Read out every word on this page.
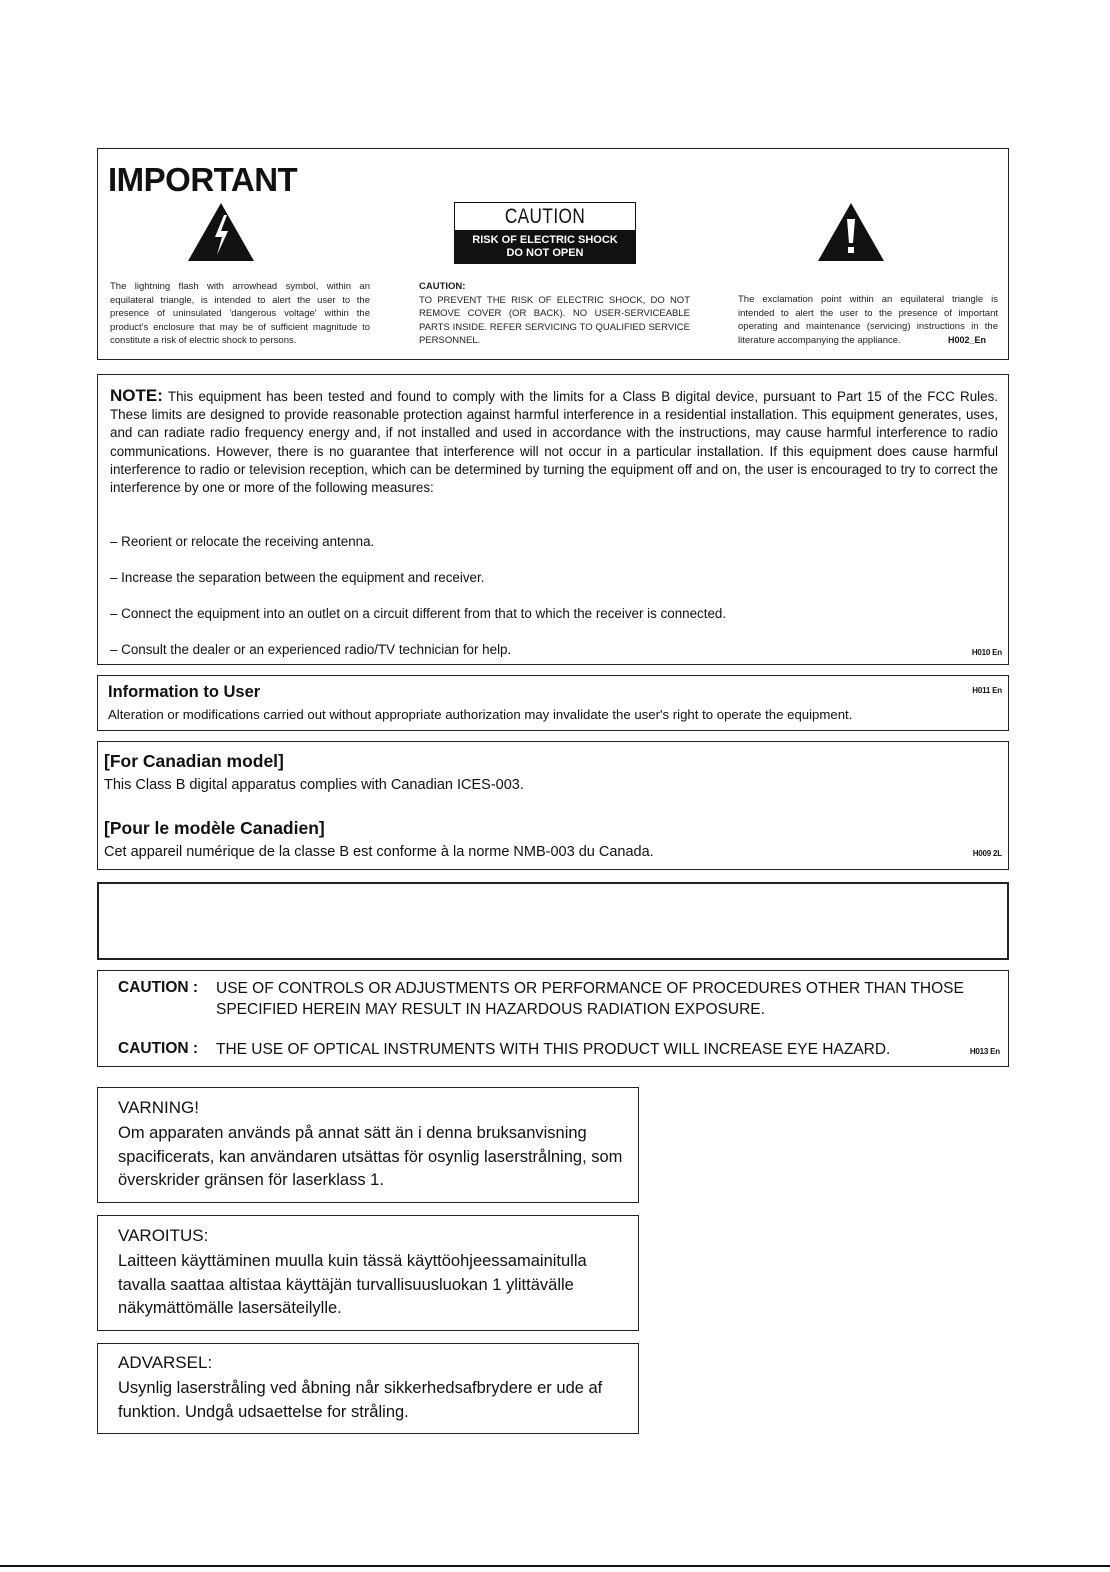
IMPORTANT
CAUTION
RISK OF ELECTRIC SHOCK
DO NOT OPEN
The lightning flash with arrowhead symbol, within an equilateral triangle, is intended to alert the user to the presence of uninsulated 'dangerous voltage' within the product's enclosure that may be of sufficient magnitude to constitute a risk of electric shock to persons.
CAUTION:
TO PREVENT THE RISK OF ELECTRIC SHOCK, DO NOT REMOVE COVER (OR BACK). NO USER-SERVICEABLE PARTS INSIDE. REFER SERVICING TO QUALIFIED SERVICE PERSONNEL.
The exclamation point within an equilateral triangle is intended to alert the user to the presence of important operating and maintenance (servicing) instructions in the literature accompanying the appliance.	H002_En
NOTE: This equipment has been tested and found to comply with the limits for a Class B digital device, pursuant to Part 15 of the FCC Rules. These limits are designed to provide reasonable protection against harmful interference in a residential installation. This equipment generates, uses, and can radiate radio frequency energy and, if not installed and used in accordance with the instructions, may cause harmful interference to radio communications. However, there is no guarantee that interference will not occur in a particular installation. If this equipment does cause harmful interference to radio or television reception, which can be determined by turning the equipment off and on, the user is encouraged to try to correct the interference by one or more of the following measures:
– Reorient or relocate the receiving antenna.
– Increase the separation between the equipment and receiver.
– Connect the equipment into an outlet on a circuit different from that to which the receiver is connected.
– Consult the dealer or an experienced radio/TV technician for help.	H010 En
Information to User
Alteration or modifications carried out without appropriate authorization may invalidate the user's right to operate the equipment.
H011 En
[For Canadian model]
This Class B digital apparatus complies with Canadian ICES-003.
[Pour le modèle Canadien]
Cet appareil numérique de la classe B est conforme à la norme NMB-003 du Canada.	H009 2L
CAUTION : USE OF CONTROLS OR ADJUSTMENTS OR PERFORMANCE OF PROCEDURES OTHER THAN THOSE
SPECIFIED HEREIN MAY RESULT IN HAZARDOUS RADIATION EXPOSURE.
CAUTION : THE USE OF OPTICAL INSTRUMENTS WITH THIS PRODUCT WILL INCREASE EYE HAZARD.	H013 En
VARNING!
Om apparaten används på annat sätt än i denna bruksanvisning spacificerats, kan användaren utsättas för osynlig laserstrålning, som överskrider gränsen för laserklass 1.
VAROITUS:
Laitteen käyttäminen muulla kuin tässä käyttöohjeessamainitulla tavalla saattaa altistaa käyttäjän turvallisuusluokan 1 ylittävälle näkymättömälle lasersäteilylle.
ADVARSEL:
Usynlig laserstråling ved åbning når sikkerhedsafbrydere er ude af funktion. Undgå udsaettelse for stråling.
